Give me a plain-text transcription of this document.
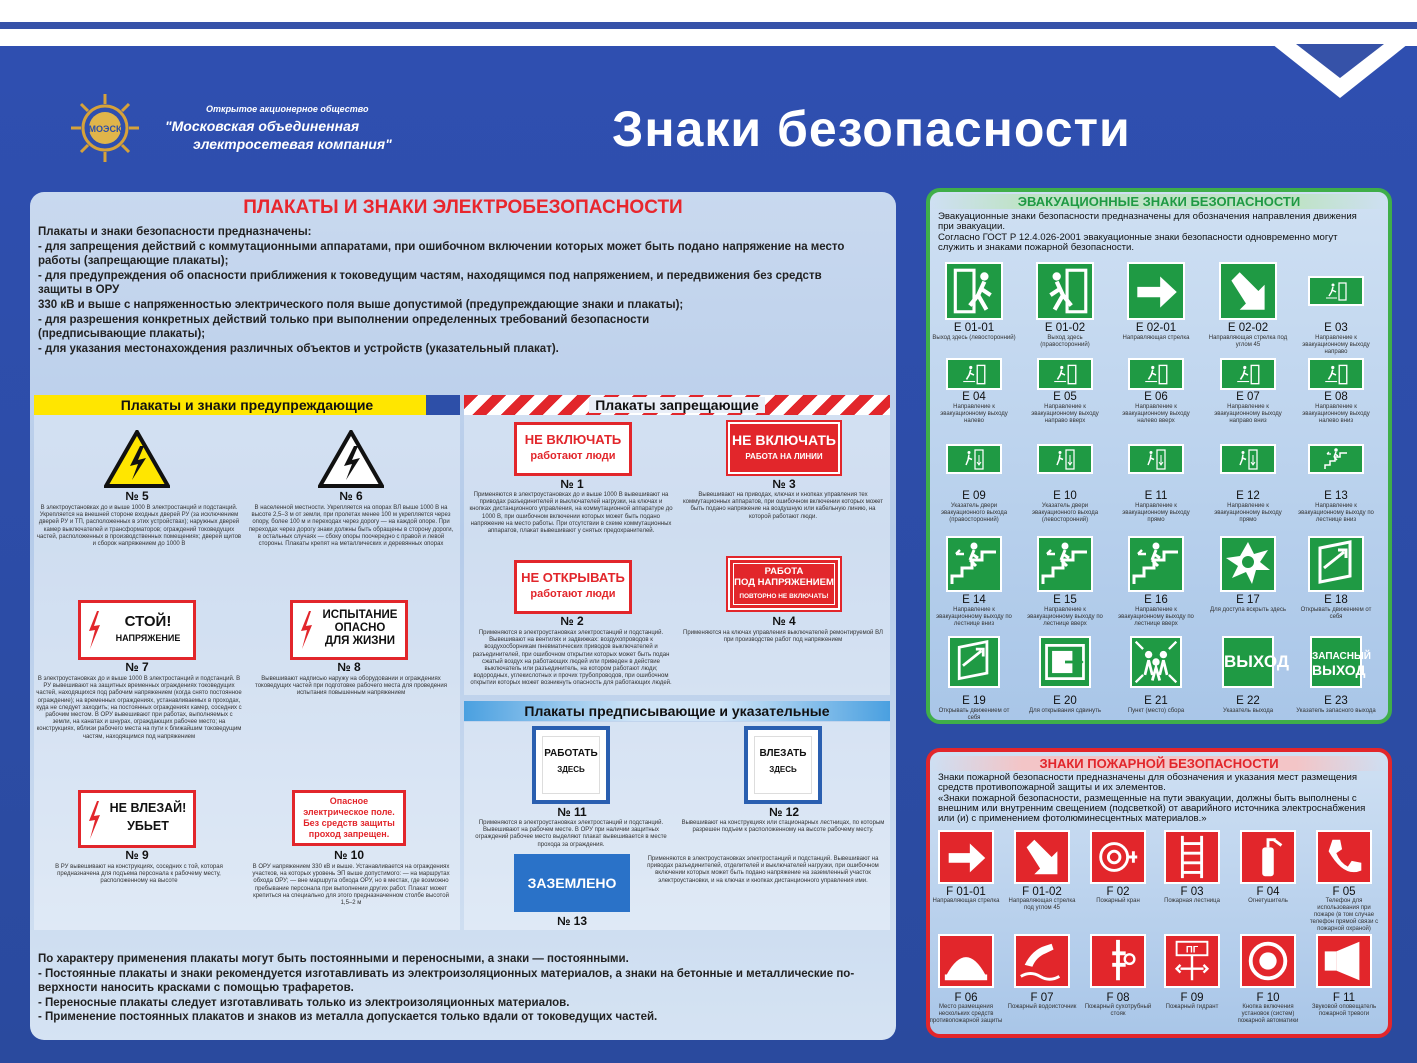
МОЭСК
Открытое акционерное общество
"Московская объединенная
электросетевая компания"	Знаки безопасности
ПЛАКАТЫ И ЗНАКИ ЭЛЕКТРОБЕЗОПАСНОСТИ
Плакаты и знаки безопасности предназначены:
- для запрещения действий с коммутационными аппаратами, при ошибочном включении которых может быть подано напряжение на место
работы (запрещающие плакаты);
- для предупреждения об опасности приближения к токоведущим частям, находящимся под напряжением, и передвижения без средств
защиты в ОРУ
330 кВ и выше с напряженностью электрического поля выше допустимой (предупреждающие знаки и плакаты);
- для разрешения конкретных действий только при выполнении определенных требований безопасности
(предписывающие плакаты);
- для указания местонахождения различных объектов и устройств (указательный плакат).
Плакаты и знаки предупреждающие	Плакаты запрещающие
Плакаты предписывающие и указательные
№ 5
В электроустановках до и выше 1000 В электростанций и подстанций. Укрепляется на внешней стороне входных дверей РУ (за исключением дверей РУ и ТП, расположенных в этих устройствах); наружных дверей камер выключателей и трансформаторов; ограждений токоведущих частей, расположенных в производственных помещениях; дверей щитов и сборок напряжением до 1000 В
№ 6
В населенной местности. Укрепляется на опорах ВЛ выше 1000 В на высоте 2,5–3 м от земли, при пролетах менее 100 м укрепляется через опору, более 100 м и переходах через дорогу — на каждой опоре. При переходах через дорогу знаки должны быть обращены в сторону дороги, в остальных случаях — сбоку опоры поочередно с правой и левой стороны. Плакаты крепят на металлических и деревянных опорах
СТОЙ!
НАПРЯЖЕНИЕ
№ 7
В электроустановках до и выше 1000 В электростанций и подстанций. В РУ вывешивают на защитных временных ограждениях токоведущих частей, находящихся под рабочим напряжением (когда снято постоянное ограждение); на временных ограждениях, устанавливаемых в проходах, куда не следует заходить; на постоянных ограждениях камер, соседних с рабочим местом. В ОРУ вывешивают при работах, выполняемых с земли, на канатах и шнурах, ограждающих рабочее место; на конструкциях, вблизи рабочего места на пути к ближайшим токоведущим частям, находящимся под напряжением
ИСПЫТАНИЕ
ОПАСНО
ДЛЯ ЖИЗНИ
№ 8
Вывешивают надписью наружу на оборудовании и ограждениях токоведущих частей при подготовке рабочего места для проведения испытания повышенным напряжением
НЕ ВЛЕЗАЙ!
УБЬЕТ
№ 9
В РУ вывешивают на конструкциях, соседних с той, которая предназначена для подъема персонала к рабочему месту, расположенному на высоте
Опасное
электрическое поле.
Без средств защиты
проход запрещен.
№ 10
В ОРУ напряжением 330 кВ и выше. Устанавливается на ограждениях участков, на которых уровень ЭП выше допустимого: — на маршрутах обхода ОРУ; — вне маршрута обхода ОРУ, но в местах, где возможно пребывание персонала при выполнении других работ. Плакат может крепиться на специально для этого предназначенном столбе высотой 1,5–2 м
НЕ ВКЛЮЧАТЬ
работают люди
№ 1
Применяются в электроустановках до и выше 1000 В вывешивают на приводах разъединителей и выключателей нагрузки, на ключах и кнопках дистанционного управления, на коммутационной аппаратуре до 1000 В, при ошибочном включении которых может быть подано напряжение на место работы. При отсутствии в схеме коммутационных аппаратов, плакат вывешивают у снятых предохранителей.
НЕ ВКЛЮЧАТЬ
РАБОТА НА ЛИНИИ
№ 3
Вывешивают на приводах, ключах и кнопках управления тех коммутационных аппаратов, при ошибочном включении которых может быть подано напряжение на воздушную или кабельную линию, на которой работают люди.
НЕ ОТКРЫВАТЬ
работают люди
№ 2
Применяются в электроустановках электростанций и подстанций. Вывешивают на вентилях и задвижках: воздухопроводов к воздухосборникам пневматических приводов выключателей и разъединителей, при ошибочном открытии которых может быть подан сжатый воздух на работающих людей или приведен в действие выключатель или разъединитель, на котором работают люди; водородных, углекислотных и прочих трубопроводов, при ошибочном открытии которых может возникнуть опасность для работающих людей.
РАБОТА
ПОД НАПРЯЖЕНИЕМ
ПОВТОРНО НЕ ВКЛЮЧАТЬ!
№ 4
Применяются на ключах управления выключателей ремонтируемой ВЛ при производстве работ под напряжением
РАБОТАТЬ
ЗДЕСЬ
№ 11
Применяются в электроустановках электростанций и подстанций. Вывешивают на рабочем месте. В ОРУ при наличии защитных ограждений рабочее место выделяют плакат вывешивается в месте прохода за ограждения.
ВЛЕЗАТЬ
ЗДЕСЬ
№ 12
Вывешивают на конструкциях или стационарных лестницах, по которым разрешен подъем к расположенному на высоте рабочему месту.
ЗАЗЕМЛЕНО
№ 13
Применяются в электроустановках электростанций и подстанций. Вывешивают на приводах разъединителей, отделителей и выключателей нагрузки, при ошибочном включении которых может быть подано напряжение на заземленный участок электроустановки, и на ключах и кнопках дистанционного управления ими.
По характеру применения плакаты могут быть постоянными и переносными, а знаки — постоянными.
- Постоянные плакаты и знаки рекомендуется изготавливать из электроизоляционных материалов, а знаки на бетонные и металлические по-
верхности наносить красками с помощью трафаретов.
- Переносные плакаты следует изготавливать только из электроизоляционных материалов.
- Применение постоянных плакатов и знаков из металла допускается только вдали от токоведущих частей.
ЭВАКУАЦИОННЫЕ ЗНАКИ БЕЗОПАСНОСТИ
Эвакуационные знаки безопасности предназначены для обозначения направления движения
при эвакуации.
Согласно ГОСТ Р 12.4.026-2001 эвакуационные знаки безопасности одновременно могут
служить и знаками пожарной безопасности.
Е 01-01
Выход здесь (левосторонний)
Е 01-02
Выход здесь (правосторонний)
Е 02-01
Направляющая стрелка
Е 02-02
Направляющая стрелка под углом 45
Е 03
Направление к эвакуационному выходу направо
Е 04
Направление к эвакуационному выходу налево
Е 05
Направление к эвакуационному выходу направо вверх
Е 06
Направление к эвакуационному выходу налево вверх
Е 07
Направление к эвакуационному выходу направо вниз
Е 08
Направление к эвакуационному выходу налево вниз
Е 09
Указатель двери эвакуационного выхода (правосторонний)
Е 10
Указатель двери эвакуационного выхода (левосторонний)
Е 11
Направление к эвакуационному выходу прямо
Е 12
Направление к эвакуационному выходу прямо
Е 13
Направление к эвакуационному выходу по лестнице вниз
Е 14
Направление к эвакуационному выходу по лестнице вниз
Е 15
Направление к эвакуационному выходу по лестнице вверх
Е 16
Направление к эвакуационному выходу по лестнице вверх
Е 17
Для доступа вскрыть здесь
Е 18
Открывать движением от себя
Е 19
Открывать движением от себя
Е 20
Для открывания сдвинуть
Е 21
Пункт (место) сбора
ВЫХОД
Е 22
Указатель выхода
ЗАПАСНЫЙ
ВЫХОД
Е 23
Указатель запасного выхода
ЗНАКИ ПОЖАРНОЙ БЕЗОПАСНОСТИ
Знаки пожарной безопасности предназначены для обозначения и указания мест размещения
средств противопожарной защиты и их элементов.
«Знаки пожарной безопасности, размещенные на пути эвакуации, должны быть выполнены с
внешним или внутренним свещением (подсветкой) от аварийного источника электроснабжения
или (и) с применением фотолюминесцентных материалов.»
F 01-01
Направляющая стрелка
F 01-02
Направляющая стрелка под углом 45
F 02
Пожарный кран
F 03
Пожарная лестница
F 04
Огнетушитель
F 05
Телефон для использования при пожаре (в том случае телефон прямой связи с пожарной охраной)
F 06
Место размещения нескольких средств противопожарной защиты
F 07
Пожарный водоисточник
F 08
Пожарный сухотрубный стояк
ПГ
F 09
Пожарный гидрант
F 10
Кнопка включения установок (систем) пожарной автоматики
F 11
Звуковой оповещатель пожарной тревоги
